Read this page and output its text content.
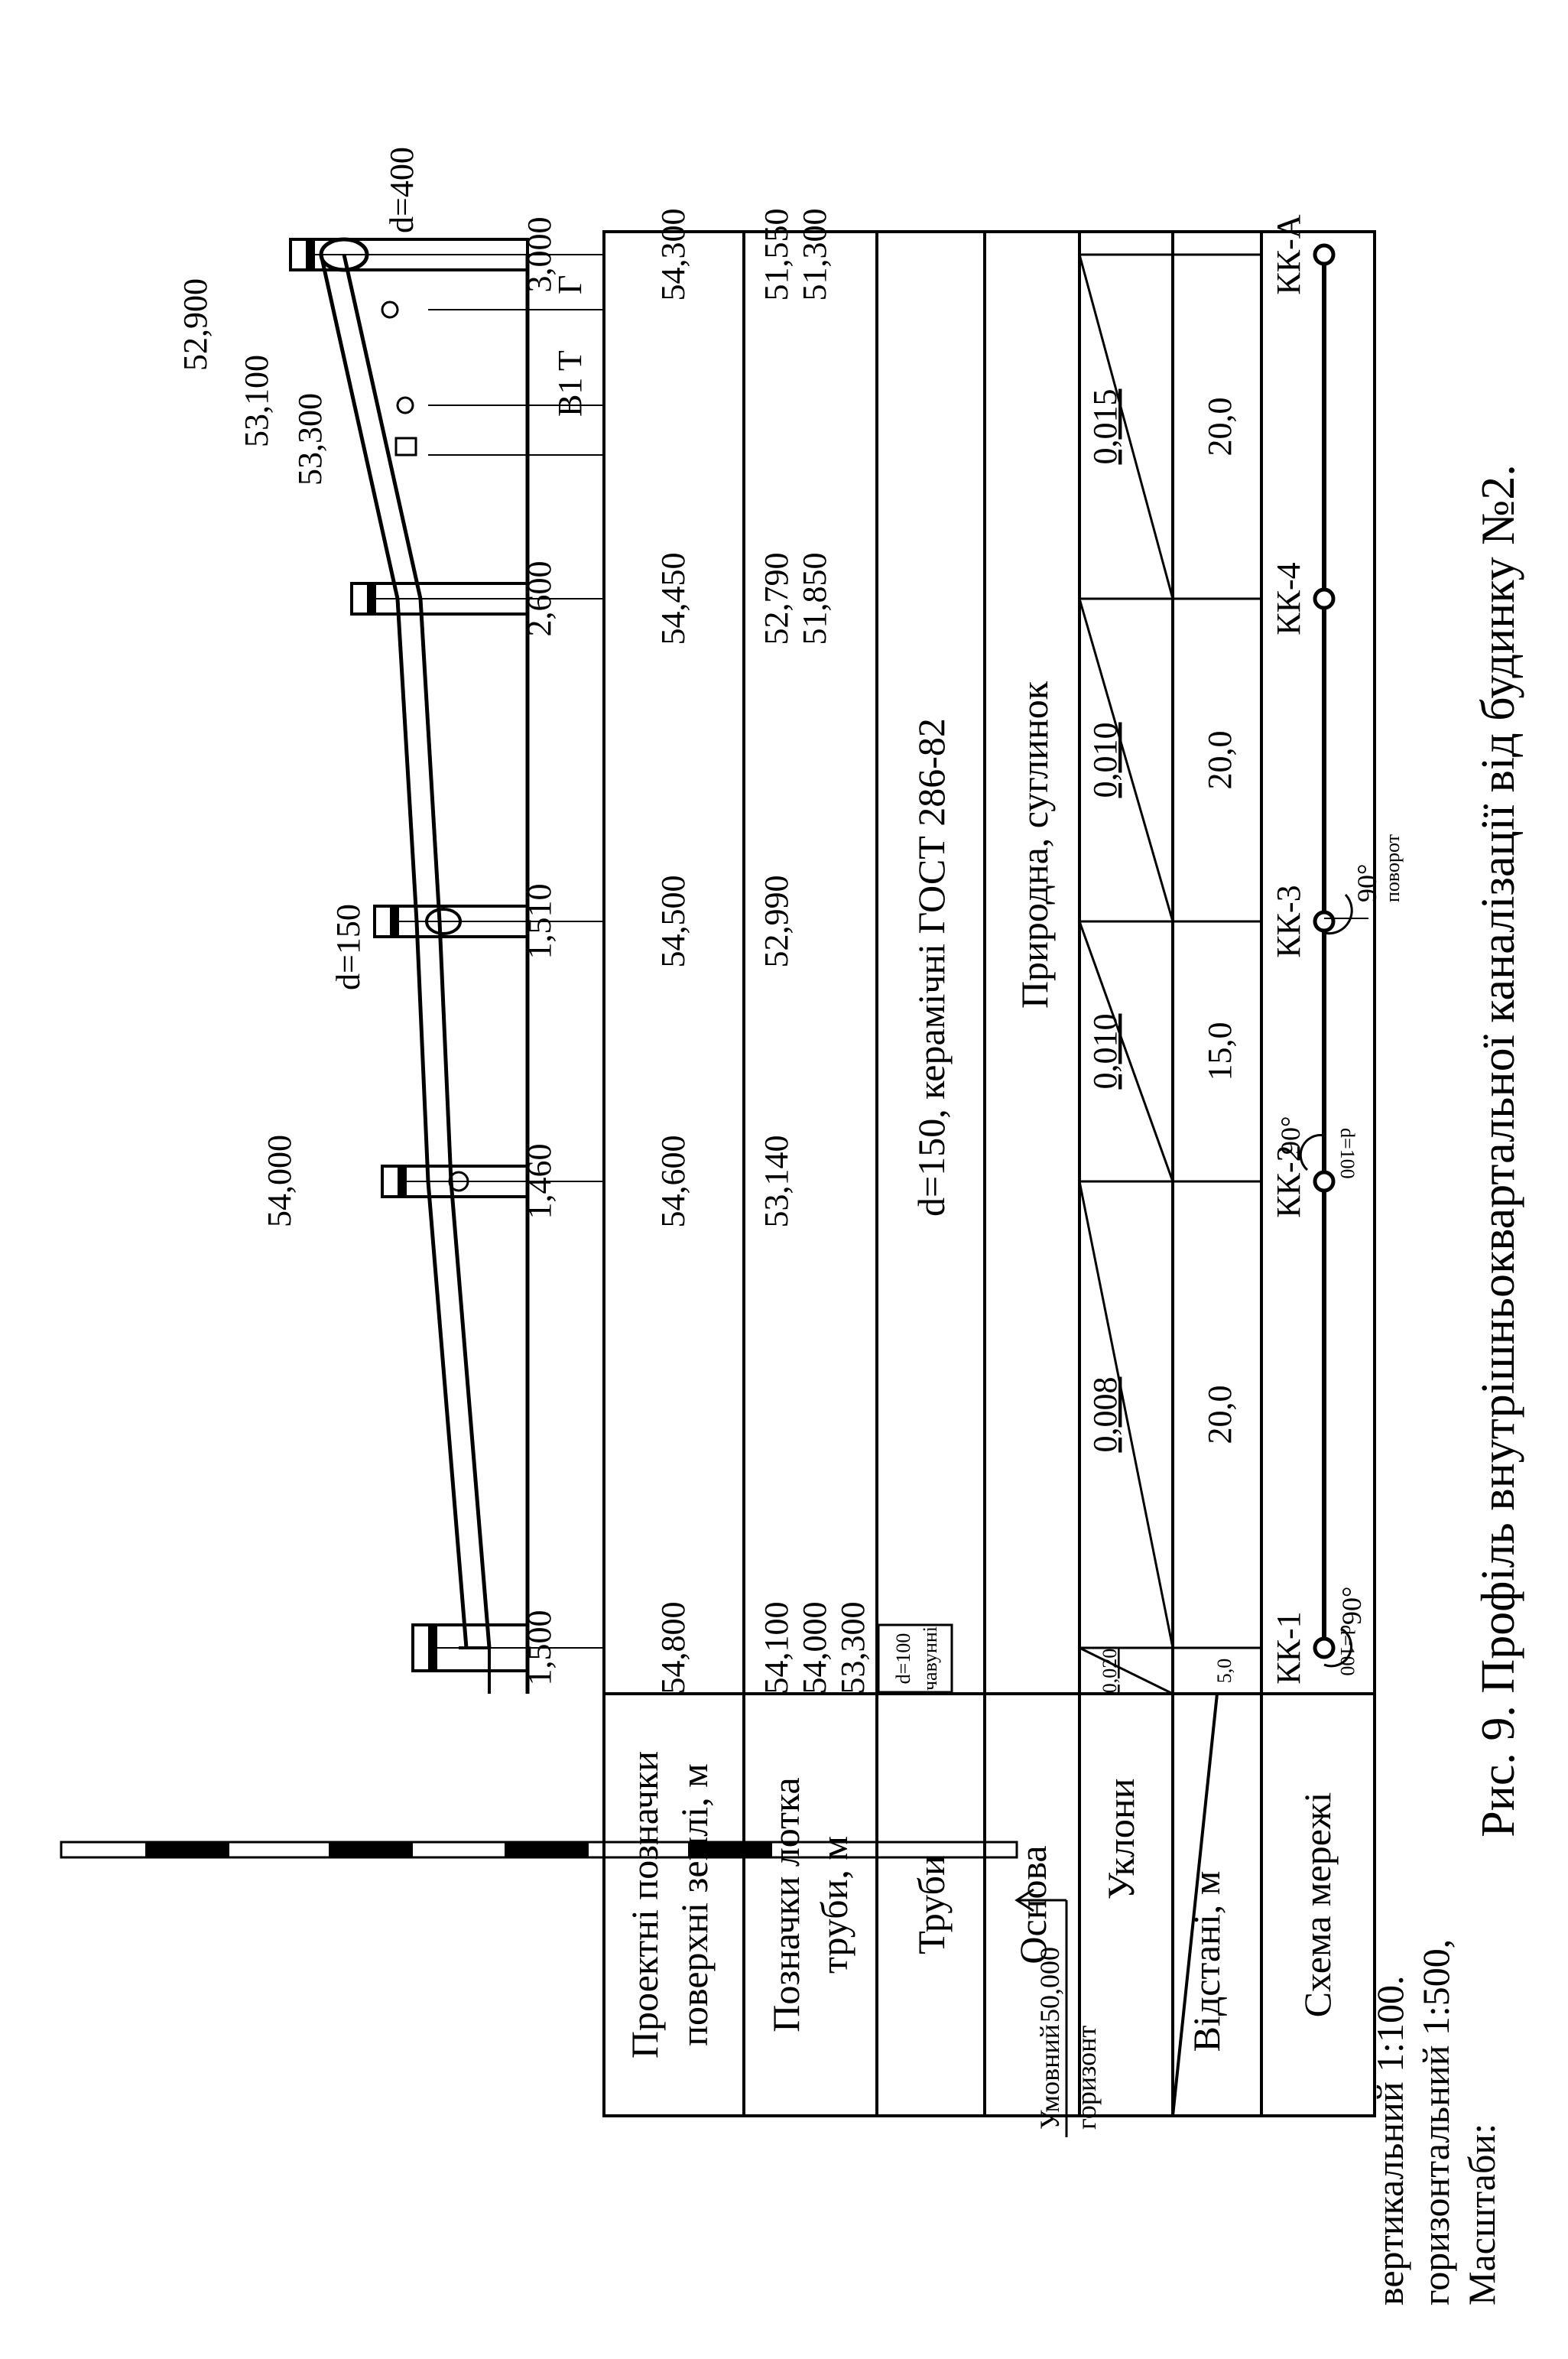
Масштаби:
горизонтальний 1:500,
вертикальний 1:100.
Умовний
50,000
горизонт
Проектні позначки поверхні землі, м Позначки лотка труби, м Труби Основа
Уклони
Відстані, м Схема мережі
54,800
54,600
54,500
54,450
54,300
54,100 54,000 53,300
53,140
52,990
52,790 51,850
51,550 51,300
d=100 чавунні
d=150, керамічні ГОСТ 286-82 Природна, суглинок
0,020	5,0
0,008 20,0
0,010 15,0
0,010 20,0
0,015 20,0
КК-1
КК-2
КК-3
КК-4
КК-А
90°
d=100
90° d=100
90° поворот
1,500
1,460
1,510
2,600
3,000
54,000
53,300
53,100
52,900
d=150
d=400
В1
Т
Г
Рис. 9. Профіль внутрішньоквартальної каналізації від будинку №2.
